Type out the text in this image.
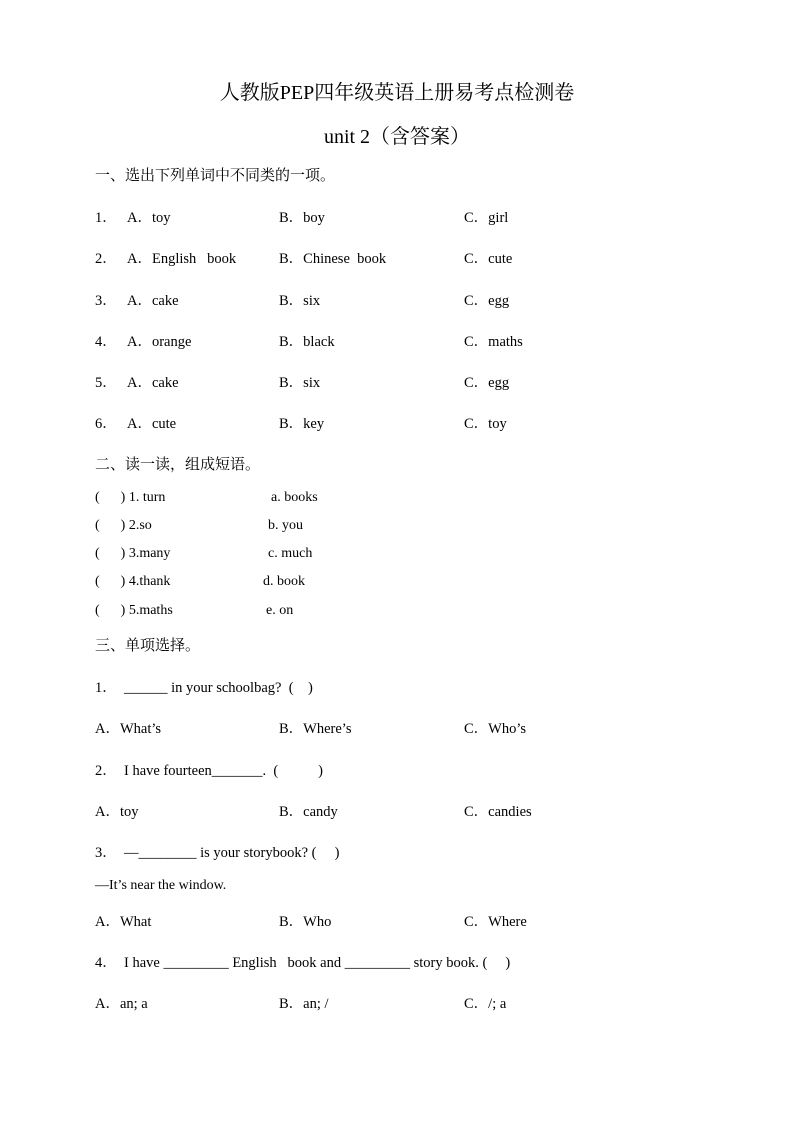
人教版PEP四年级英语上册易考点检测卷
unit 2（含答案）
一、选出下列单词中不同类的一项。
1． A．toy	B．boy	C．girl
2． A．English   book	B．Chinese  book	C．cute
3． A．cake	B．six	C．egg
4． A．orange	B．black	C．maths
5． A．cake	B．six	C．egg
6． A．cute	B．key	C．toy
二、读一读，组成短语。
(      ) 1. turn	a. books
(      ) 2.so	b. you
(      ) 3.many	c. much
(      ) 4.thank	d. book
(      ) 5.maths	e. on
三、单项选择。
1．  ______ in your schoolbag?  (    )
A．What’s	B．Where’s	C．Who’s
2．  I have fourteen_______.  (           )
A．toy	B．candy	C．candies
3．  —________ is your storybook? (     )
—It’s near the window.
A．What	B．Who	C．Where
4．  I have _________ English   book and _________ story book. (     )
A．an; a	B．an; /	C．/; a
